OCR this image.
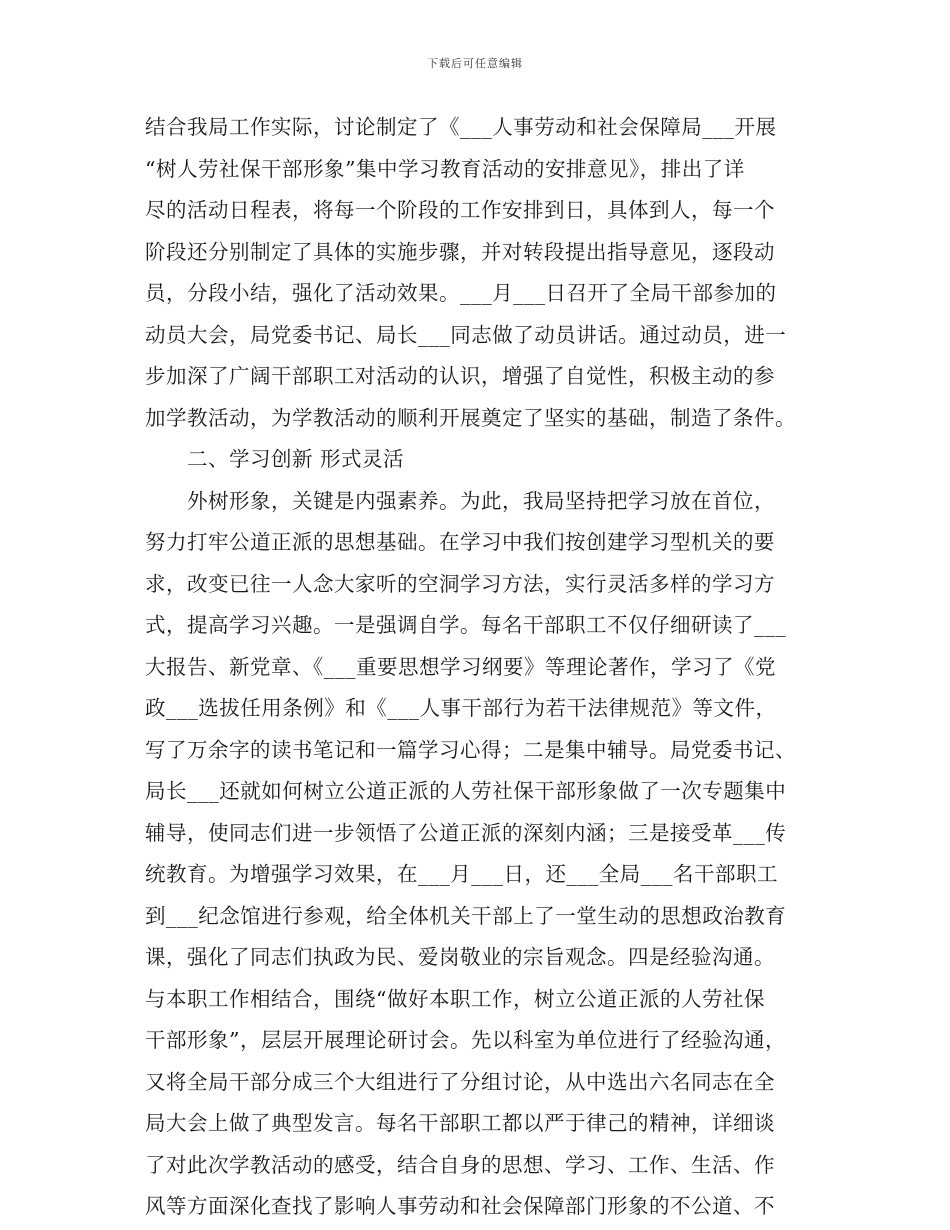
下载后可任意编辑
结合我局工作实际，讨论制定了《___人事劳动和社会保障局___开展
“树人劳社保干部形象”集中学习教育活动的安排意见》，排出了详
尽的活动日程表，将每一个阶段的工作安排到日，具体到人，每一个
阶段还分别制定了具体的实施步骤，并对转段提出指导意见，逐段动
员，分段小结，强化了活动效果。___月___日召开了全局干部参加的
动员大会，局党委书记、局长___同志做了动员讲话。通过动员，进一
步加深了广阔干部职工对活动的认识，增强了自觉性，积极主动的参
加学教活动，为学教活动的顺利开展奠定了坚实的基础，制造了条件。
　　二、学习创新 形式灵活
　　外树形象，关键是内强素养。为此，我局坚持把学习放在首位，
努力打牢公道正派的思想基础。在学习中我们按创建学习型机关的要
求，改变已往一人念大家听的空洞学习方法，实行灵活多样的学习方
式，提高学习兴趣。一是强调自学。每名干部职工不仅仔细研读了___
大报告、新党章、《___重要思想学习纲要》等理论著作，学习了《党
政___选拔任用条例》和《___人事干部行为若干法律规范》等文件，
写了万余字的读书笔记和一篇学习心得；二是集中辅导。局党委书记、
局长___还就如何树立公道正派的人劳社保干部形象做了一次专题集中
辅导，使同志们进一步领悟了公道正派的深刻内涵；三是接受革___传
统教育。为增强学习效果，在___月___日，还___全局___名干部职工
到___纪念馆进行参观，给全体机关干部上了一堂生动的思想政治教育
课，强化了同志们执政为民、爱岗敬业的宗旨观念。四是经验沟通。
与本职工作相结合，围绕“做好本职工作，树立公道正派的人劳社保
干部形象”，层层开展理论研讨会。先以科室为单位进行了经验沟通，
又将全局干部分成三个大组进行了分组讨论，从中选出六名同志在全
局大会上做了典型发言。每名干部职工都以严于律己的精神，详细谈
了对此次学教活动的感受，结合自身的思想、学习、工作、生活、作
风等方面深化查找了影响人事劳动和社会保障部门形象的不公道、不
